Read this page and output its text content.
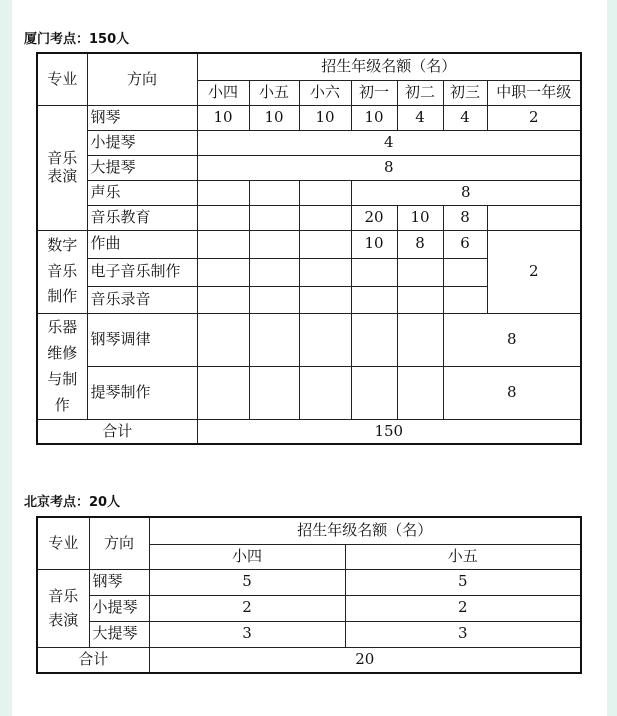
厦门考点：150人
专业	方向	招生年级名额（名）						
		小四	小五	小六	初一	初二	初三	中职一年级
音乐表演	钢琴	10	10	10	10	4	4	2
	小提琴	4						
	大提琴	8						
	声乐				8			
	音乐教育				20	10	8	
数字音乐制作	作曲				10	8	6	2
	电子音乐制作							
	音乐录音							
乐器维修与制作	钢琴调律						8	
	提琴制作						8	
合计		150						
北京考点：20人
专业	方向	招生年级名额（名）	
		小四	小五
音乐表演	钢琴	5	5
	小提琴	2	2
	大提琴	3	3
合计		20	
